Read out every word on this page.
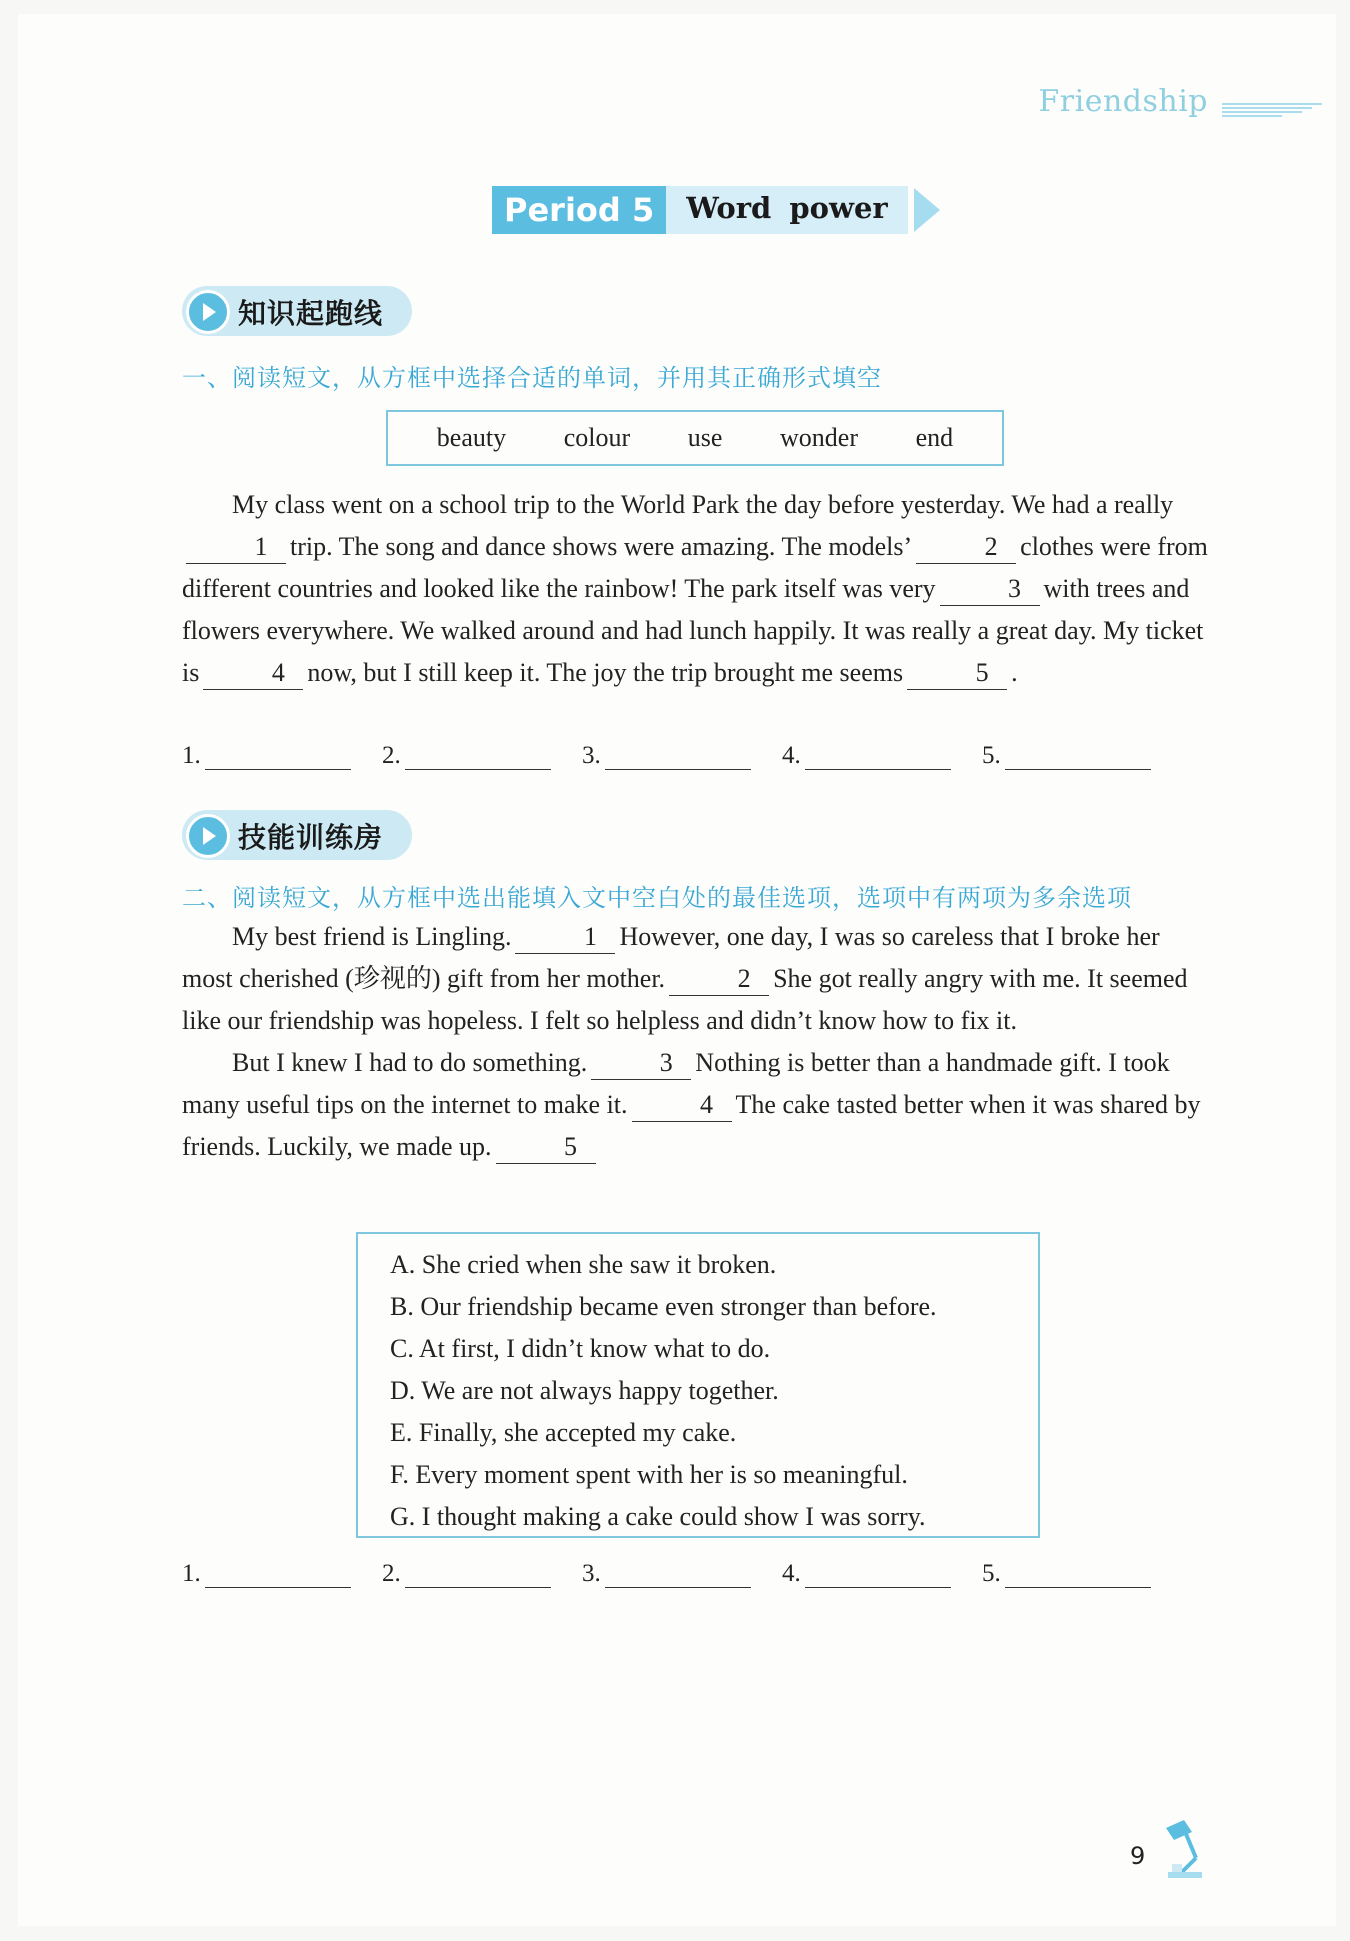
Friendship
Period 5	Word power
知识起跑线
一、阅读短文，从方框中选择合适的单词，并用其正确形式填空
beauty colour use wonder end

My class went on a school trip to the World Park the day before yesterday. We had a really1 trip. The song and dance shows were amazing. The models’	2 clothes were from different countries and looked like the rainbow! The park itself was very	3 with trees and flowers everywhere. We walked around and had lunch happily. It was really a great day. My ticket is	4 now, but I still keep it. The joy the trip brought me seems	5 .

1.	2.	3.	4.	5.
技能训练房
二、阅读短文，从方框中选出能填入文中空白处的最佳选项，选项中有两项为多余选项

My best friend is Lingling.	1 However, one day, I was so careless that I broke her most cherished (珍视的) gift from her mother.	2 She got really angry with me. It seemed like our friendship was hopeless. I felt so helpless and didn’t know how to fix it.

But I knew I had to do something.	3 Nothing is better than a handmade gift. I took many useful tips on the internet to make it.	4 The cake tasted better when it was shared by friends. Luckily, we made up.	5

A. She cried when she saw it broken.
B. Our friendship became even stronger than before.
C. At first, I didn’t know what to do.
D. We are not always happy together.
E. Finally, she accepted my cake.
F. Every moment spent with her is so meaningful.
G. I thought making a cake could show I was sorry.
1.	2.	3.	4.	5.
9
